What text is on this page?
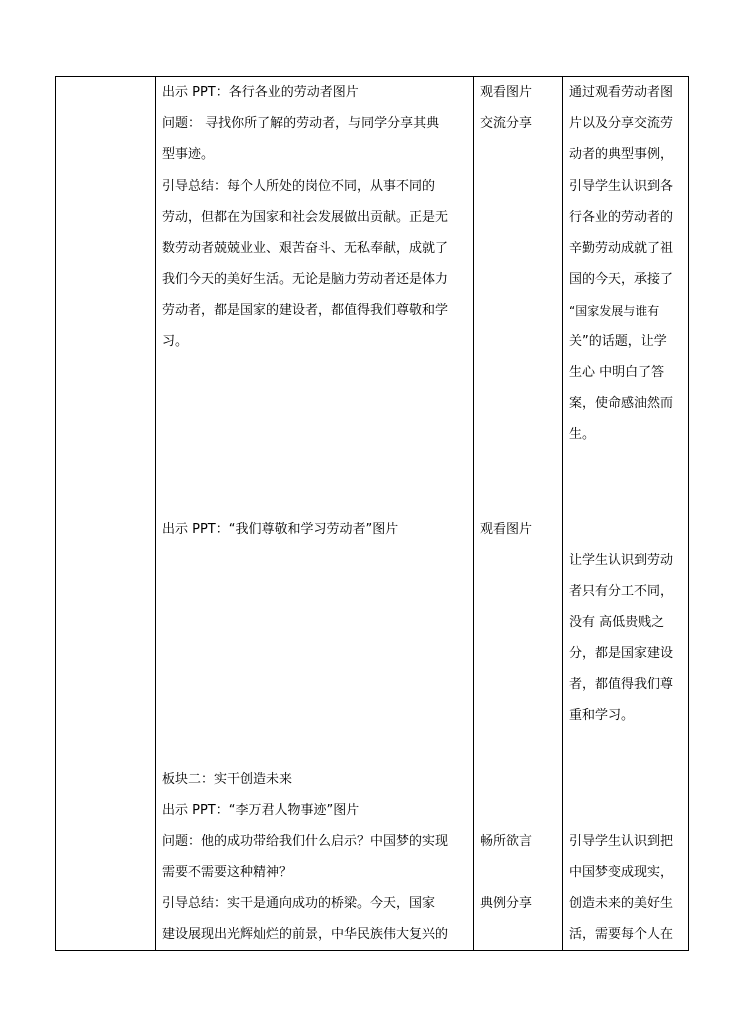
出示 PPT：各行各业的劳动者图片
问题： 寻找你所了解的劳动者，与同学分享其典
型事迹。
引导总结：每个人所处的岗位不同，从事不同的
劳动，但都在为国家和社会发展做出贡献。正是无
数劳动者兢兢业业、艰苦奋斗、无私奉献，成就了
我们今天的美好生活。无论是脑力劳动者还是体力
劳动者，都是国家的建设者，都值得我们尊敬和学
习。
出示 PPT：“我们尊敬和学习劳动者”图片
板块二：实干创造未来
出示 PPT：“李万君人物事迹”图片
问题：他的成功带给我们什么启示？中国梦的实现
需要不需要这种精神？
引导总结：实干是通向成功的桥梁。今天，国家
建设展现出光辉灿烂的前景，中华民族伟大复兴的
观看图片
交流分享
观看图片
畅所欲言
典例分享
通过观看劳动者图
片以及分享交流劳
动者的典型事例，
引导学生认识到各
行各业的劳动者的
辛勤劳动成就了祖
国的今天，承接了
“国家发展与谁有
关”的话题，让学
生心 中明白了答
案，使命感油然而
生。
让学生认识到劳动
者只有分工不同，
没有 高低贵贱之
分，都是国家建设
者，都值得我们尊
重和学习。
引导学生认识到把
中国梦变成现实，
创造未来的美好生
活，需要每个人在
